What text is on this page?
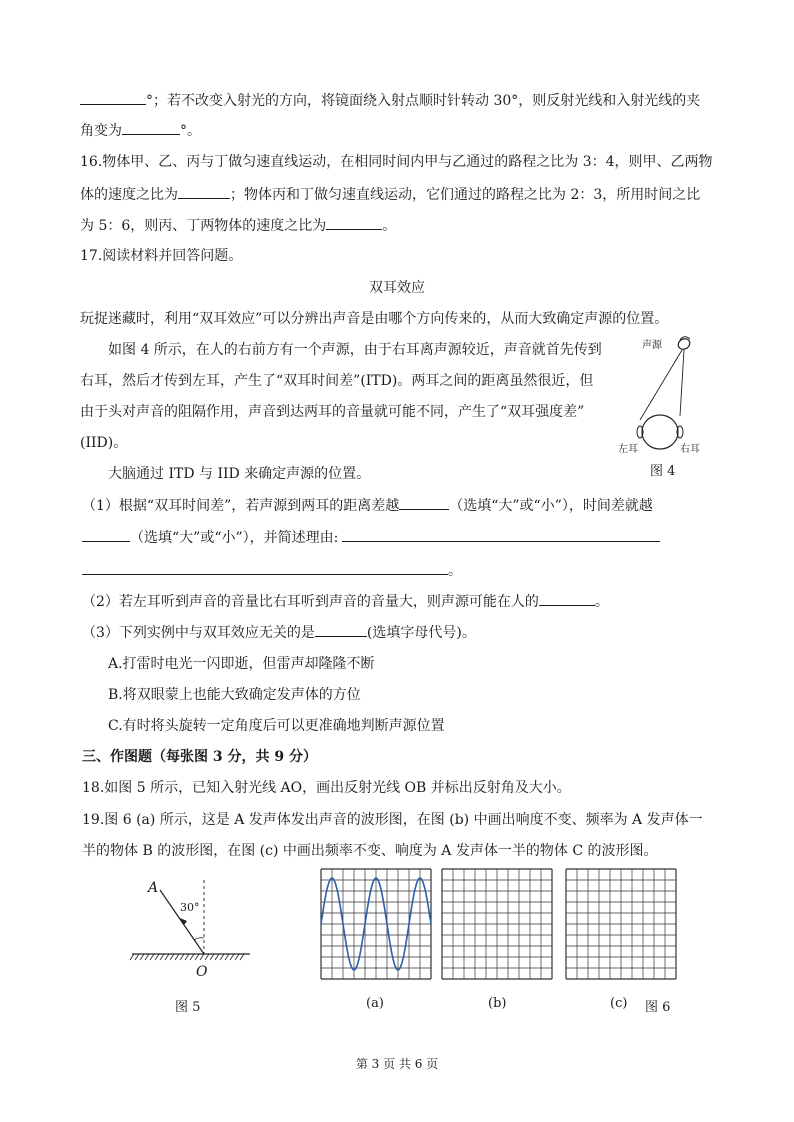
°；若不改变入射光的方向，将镜面绕入射点顺时针转动 30°，则反射光线和入射光线的夹
角变为	°。
16.物体甲、乙、丙与丁做匀速直线运动，在相同时间内甲与乙通过的路程之比为 3：4，则甲、乙两物
体的速度之比为	；物体丙和丁做匀速直线运动，它们通过的路程之比为 2：3，所用时间之比
为 5：6，则丙、丁两物体的速度之比为	。
17.阅读材料并回答问题。
双耳效应
玩捉迷藏时，利用“双耳效应”可以分辨出声音是由哪个方向传来的，从而大致确定声源的位置。
如图 4 所示，在人的右前方有一个声源，由于右耳离声源较近，声音就首先传到
右耳，然后才传到左耳，产生了“双耳时间差”(ITD)。两耳之间的距离虽然很近，但
由于头对声音的阻隔作用，声音到达两耳的音量就可能不同，产生了“双耳强度差”
(IID)。
大脑通过 ITD 与 IID 来确定声源的位置。
声源
左耳	右耳
图 4
（1）根据“双耳时间差”，若声源到两耳的距离差越	（选填“大”或“小”），时间差就越
（选填“大”或“小”），并简述理由:
。
（2）若左耳听到声音的音量比右耳听到声音的音量大，则声源可能在人的	。
（3）下列实例中与双耳效应无关的是	(选填字母代号)。
A.打雷时电光一闪即逝，但雷声却隆隆不断
B.将双眼蒙上也能大致确定发声体的方位
C.有时将头旋转一定角度后可以更准确地判断声源位置
三、作图题（每张图 3 分，共 9 分）
18.如图 5 所示，已知入射光线 AO，画出反射光线 OB 并标出反射角及大小。
19.图 6 (a) 所示，这是 A 发声体发出声音的波形图，在图 (b) 中画出响度不变、频率为 A 发声体一
半的物体 B 的波形图，在图 (c) 中画出频率不变、响度为 A 发声体一半的物体 C 的波形图。
A
O
30°
图 5	(a)	(b)	(c) 图 6
第 3 页 共 6 页
